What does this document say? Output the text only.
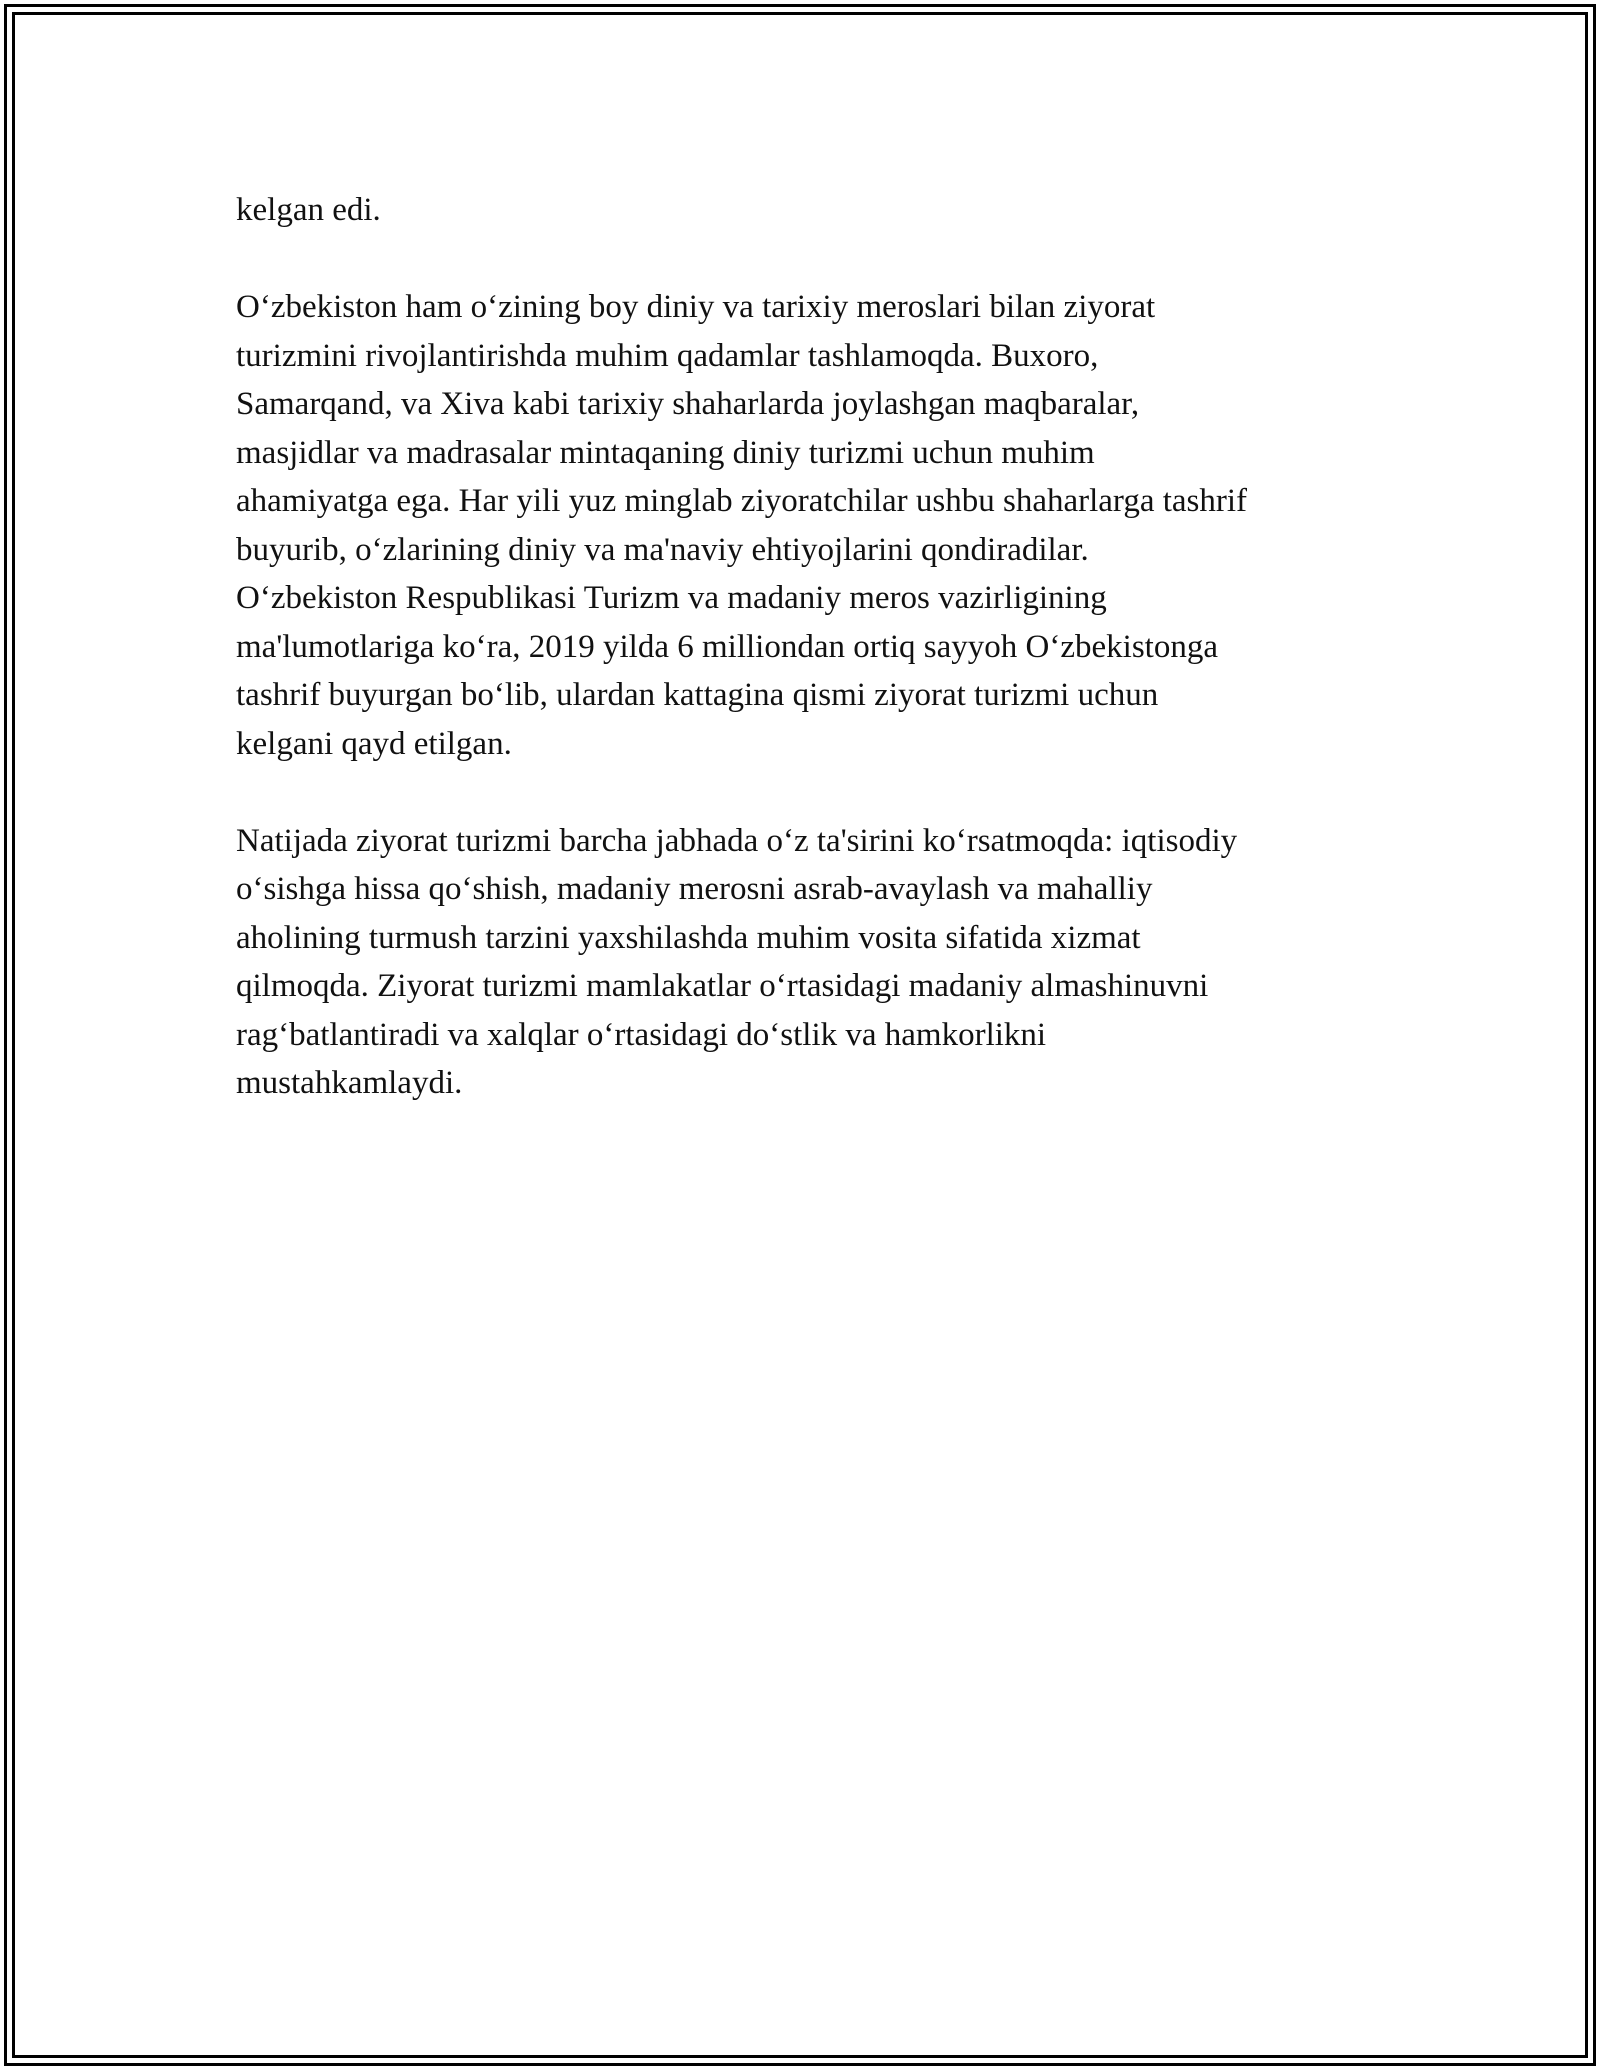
kelgan edi.

O‘zbekiston ham o‘zining boy diniy va tarixiy meroslari bilan ziyorat
turizmini rivojlantirishda muhim qadamlar tashlamoqda. Buxoro,
Samarqand, va Xiva kabi tarixiy shaharlarda joylashgan maqbaralar,
masjidlar va madrasalar mintaqaning diniy turizmi uchun muhim
ahamiyatga ega. Har yili yuz minglab ziyoratchilar ushbu shaharlarga tashrif
buyurib, o‘zlarining diniy va ma'naviy ehtiyojlarini qondiradilar.
O‘zbekiston Respublikasi Turizm va madaniy meros vazirligining
ma'lumotlariga ko‘ra, 2019 yilda 6 milliondan ortiq sayyoh O‘zbekistonga
tashrif buyurgan bo‘lib, ulardan kattagina qismi ziyorat turizmi uchun
kelgani qayd etilgan.

Natijada ziyorat turizmi barcha jabhada o‘z ta'sirini ko‘rsatmoqda: iqtisodiy
o‘sishga hissa qo‘shish, madaniy merosni asrab-avaylash va mahalliy
aholining turmush tarzini yaxshilashda muhim vosita sifatida xizmat
qilmoqda. Ziyorat turizmi mamlakatlar o‘rtasidagi madaniy almashinuvni
rag‘batlantiradi va xalqlar o‘rtasidagi do‘stlik va hamkorlikni
mustahkamlaydi.
